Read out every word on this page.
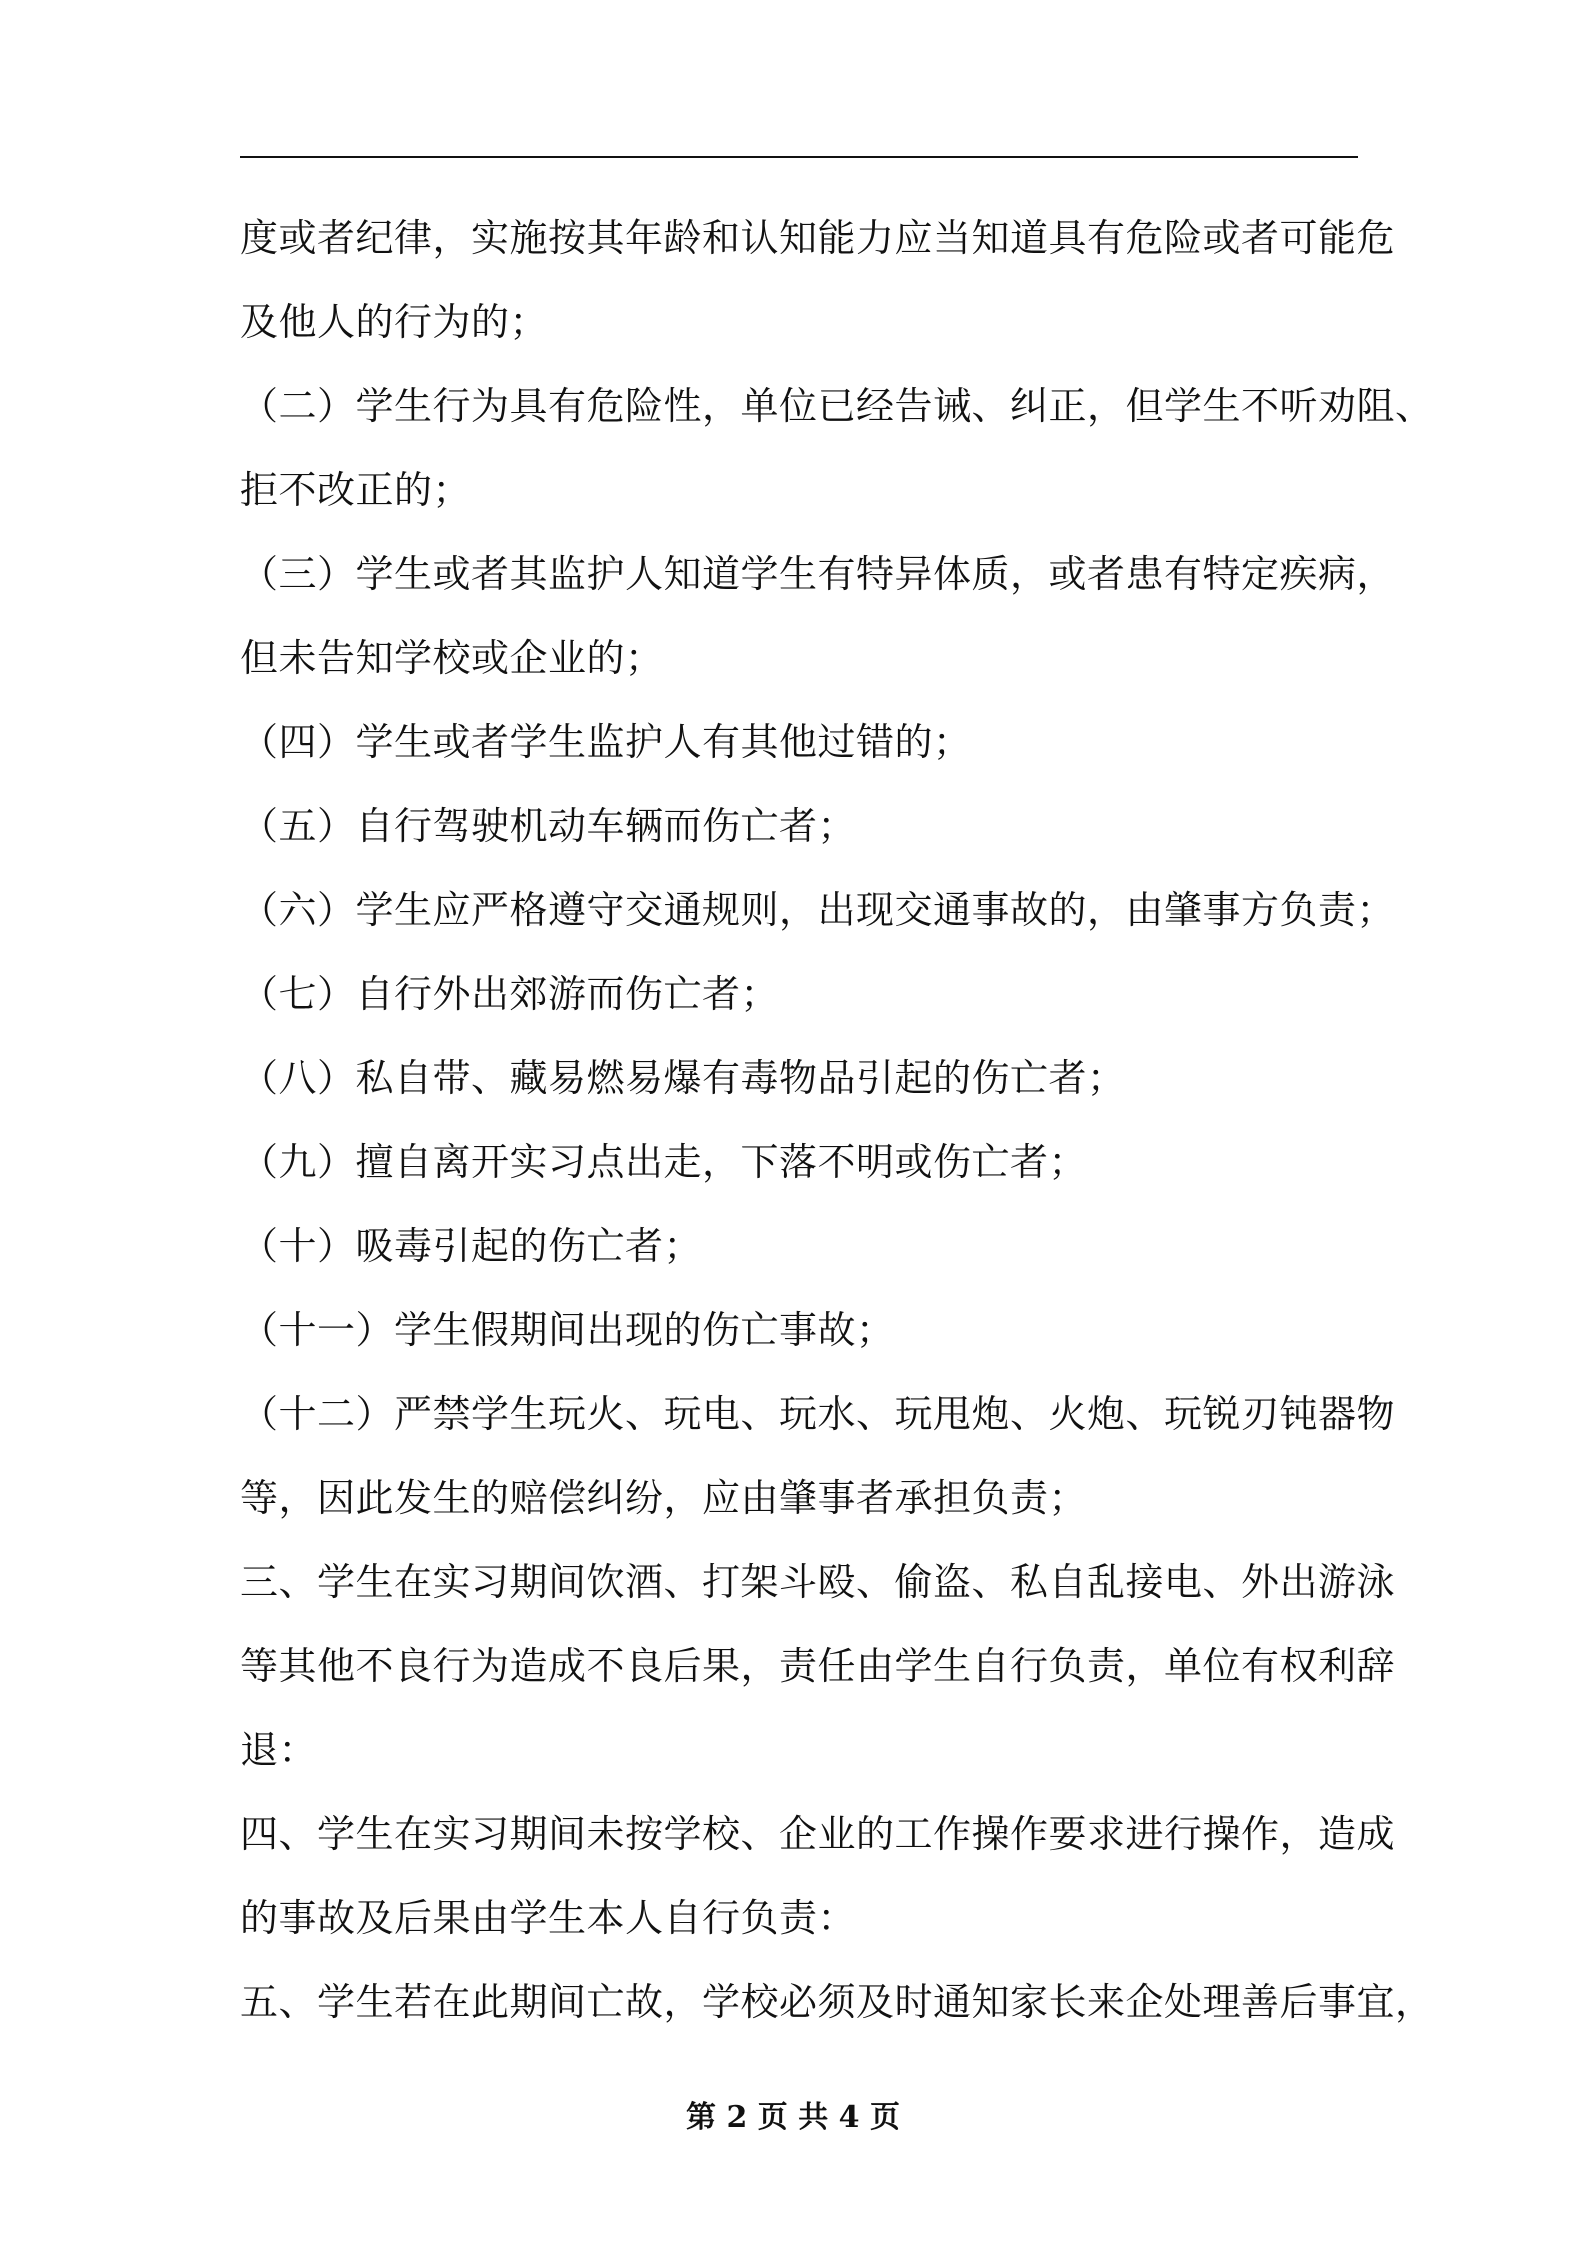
度或者纪律，实施按其年龄和认知能力应当知道具有危险或者可能危
及他人的行为的；
（二）学生行为具有危险性，单位已经告诫、纠正，但学生不听劝阻、
拒不改正的；
（三）学生或者其监护人知道学生有特异体质，或者患有特定疾病，
但未告知学校或企业的；
（四）学生或者学生监护人有其他过错的；
（五）自行驾驶机动车辆而伤亡者；
（六）学生应严格遵守交通规则，出现交通事故的，由肇事方负责；
（七）自行外出郊游而伤亡者；
（八）私自带、藏易燃易爆有毒物品引起的伤亡者；
（九）擅自离开实习点出走，下落不明或伤亡者；
（十）吸毒引起的伤亡者；
（十一）学生假期间出现的伤亡事故；
（十二）严禁学生玩火、玩电、玩水、玩甩炮、火炮、玩锐刃钝器物
等，因此发生的赔偿纠纷，应由肇事者承担负责；
三、学生在实习期间饮酒、打架斗殴、偷盗、私自乱接电、外出游泳
等其他不良行为造成不良后果，责任由学生自行负责，单位有权利辞
退：
四、学生在实习期间未按学校、企业的工作操作要求进行操作，造成
的事故及后果由学生本人自行负责：
五、学生若在此期间亡故，学校必须及时通知家长来企处理善后事宜，
第 2 页 共 4 页
